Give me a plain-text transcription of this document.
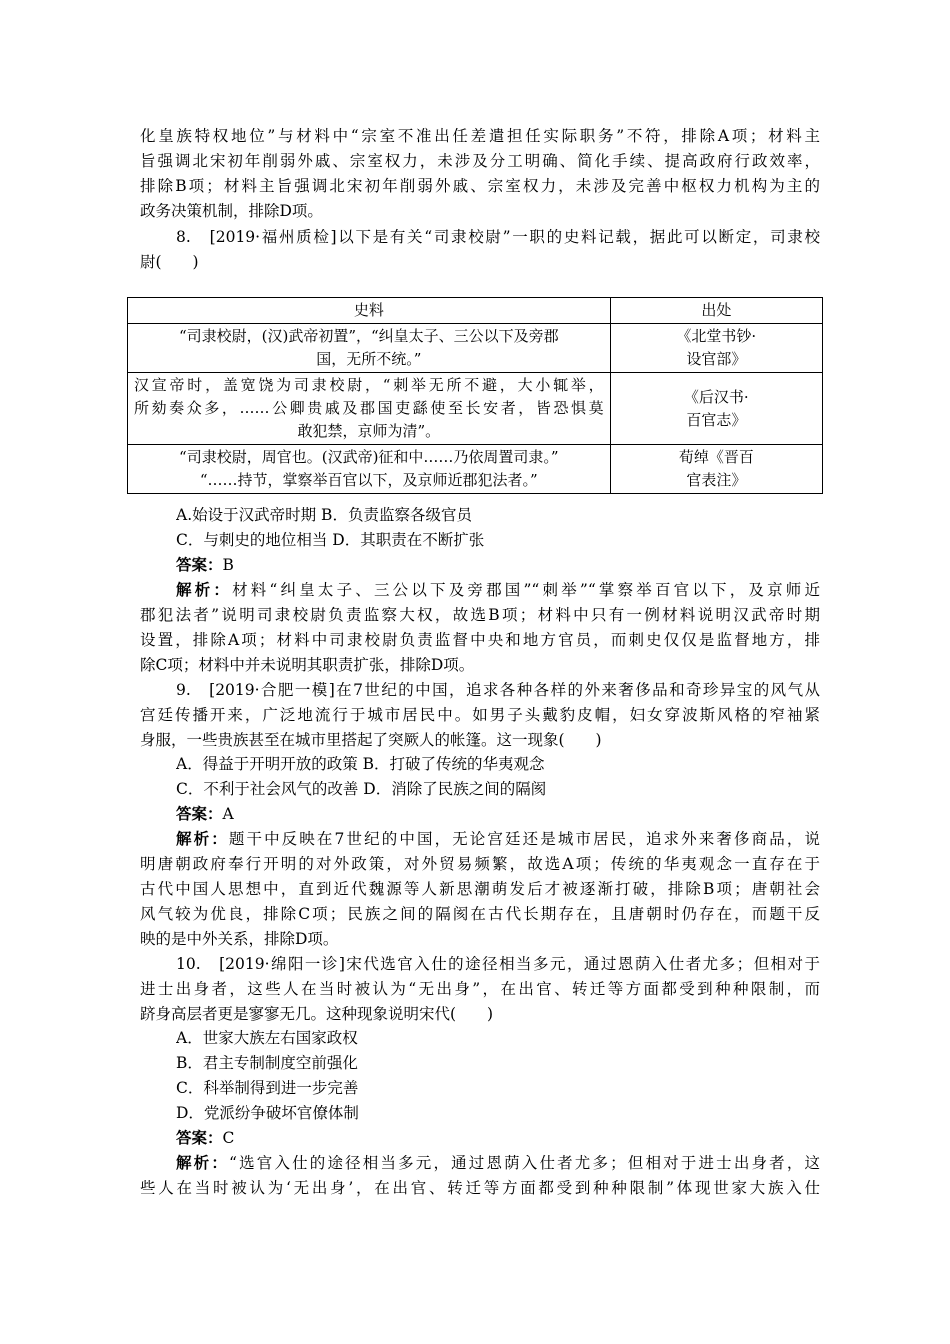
化皇族特权地位”与材料中“宗室不准出任差遣担任实际职务”不符，排除A项；材料主
旨强调北宋初年削弱外戚、宗室权力，未涉及分工明确、简化手续、提高政府行政效率，
排除B项；材料主旨强调北宋初年削弱外戚、宗室权力，未涉及完善中枢权力机构为主的
政务决策机制，排除D项。
8.　[2019·福州质检]以下是有关“司隶校尉”一职的史料记载，据此可以断定，司隶校
尉(　　)
史料	出处

“司隶校尉，(汉)武帝初置”，“纠皇太子、三公以下及旁郡
国，无所不统。”	《北堂书钞·
设官部》

汉宣帝时，盖宽饶为司隶校尉，“刺举无所不避，大小辄举，
所劾奏众多，……公卿贵戚及郡国吏繇使至长安者，皆恐惧莫
敢犯禁，京师为清”。	《后汉书·
百官志》

“司隶校尉，周官也。(汉武帝)征和中……乃依周置司隶。”
“……持节，掌察举百官以下，及京师近郡犯法者。”	荀绰《晋百
官表注》
A.始设于汉武帝时期 B．负责监察各级官员
C．与刺史的地位相当 D．其职责在不断扩张
答案：B
解析：材料“纠皇太子、三公以下及旁郡国”“刺举”“掌察举百官以下，及京师近
郡犯法者”说明司隶校尉负责监察大权，故选B项；材料中只有一例材料说明汉武帝时期
设置，排除A项；材料中司隶校尉负责监督中央和地方官员，而刺史仅仅是监督地方，排
除C项；材料中并未说明其职责扩张，排除D项。
9.　[2019·合肥一模]在7世纪的中国，追求各种各样的外来奢侈品和奇珍异宝的风气从
宫廷传播开来，广泛地流行于城市居民中。如男子头戴豹皮帽，妇女穿波斯风格的窄袖紧
身服，一些贵族甚至在城市里搭起了突厥人的帐篷。这一现象(　　)
A．得益于开明开放的政策 B．打破了传统的华夷观念
C．不利于社会风气的改善 D．消除了民族之间的隔阂
答案：A
解析：题干中反映在7世纪的中国，无论宫廷还是城市居民，追求外来奢侈商品，说
明唐朝政府奉行开明的对外政策，对外贸易频繁，故选A项；传统的华夷观念一直存在于
古代中国人思想中，直到近代魏源等人新思潮萌发后才被逐渐打破，排除B项；唐朝社会
风气较为优良，排除C项；民族之间的隔阂在古代长期存在，且唐朝时仍存在，而题干反
映的是中外关系，排除D项。
10.　[2019·绵阳一诊]宋代选官入仕的途径相当多元，通过恩荫入仕者尤多；但相对于
进士出身者，这些人在当时被认为“无出身”，在出官、转迁等方面都受到种种限制，而
跻身高层者更是寥寥无几。这种现象说明宋代(　　)
A．世家大族左右国家政权
B．君主专制制度空前强化
C．科举制得到进一步完善
D．党派纷争破坏官僚体制
答案：C
解析：“选官入仕的途径相当多元，通过恩荫入仕者尤多；但相对于进士出身者，这
些人在当时被认为‘无出身’，在出官、转迁等方面都受到种种限制”体现世家大族入仕
